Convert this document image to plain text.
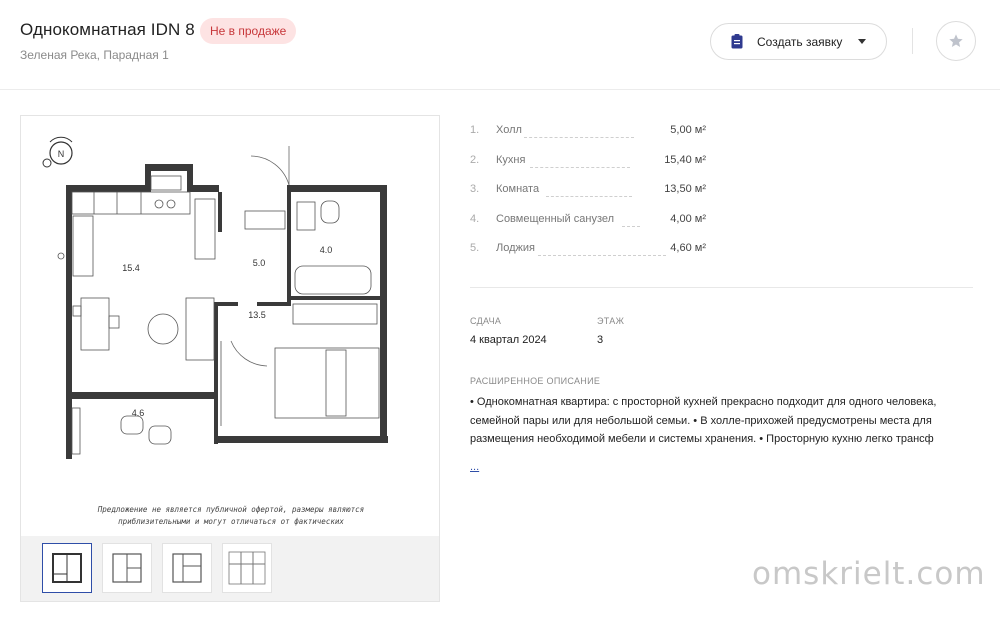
Однокомнатная IDN 8	Не в продаже
Зеленая Река, Парадная 1
Создать заявку
N
15.4	5.0
4.0
13.5
4.6
Предложение не является публичной офертой, размеры являются приблизительными и могут отличаться от фактических
1.	Холл	5,00 м²
2.	Кухня	15,40 м²
3.	Комната	13,50 м²
4.	Совмещенный санузел	4,00 м²
5.	Лоджия	4,60 м²
СДАЧА
4 квартал 2024
ЭТАЖ
3
РАСШИРЕННОЕ ОПИСАНИЕ
• Однокомнатная квартира: с просторной кухней прекрасно подходит для одного человека, семейной пары или для небольшой семьи. • В холле-прихожей предусмотрены места для размещения необходимой мебели и системы хранения. • Просторную кухню легко трансф
...
omskrielt.com
